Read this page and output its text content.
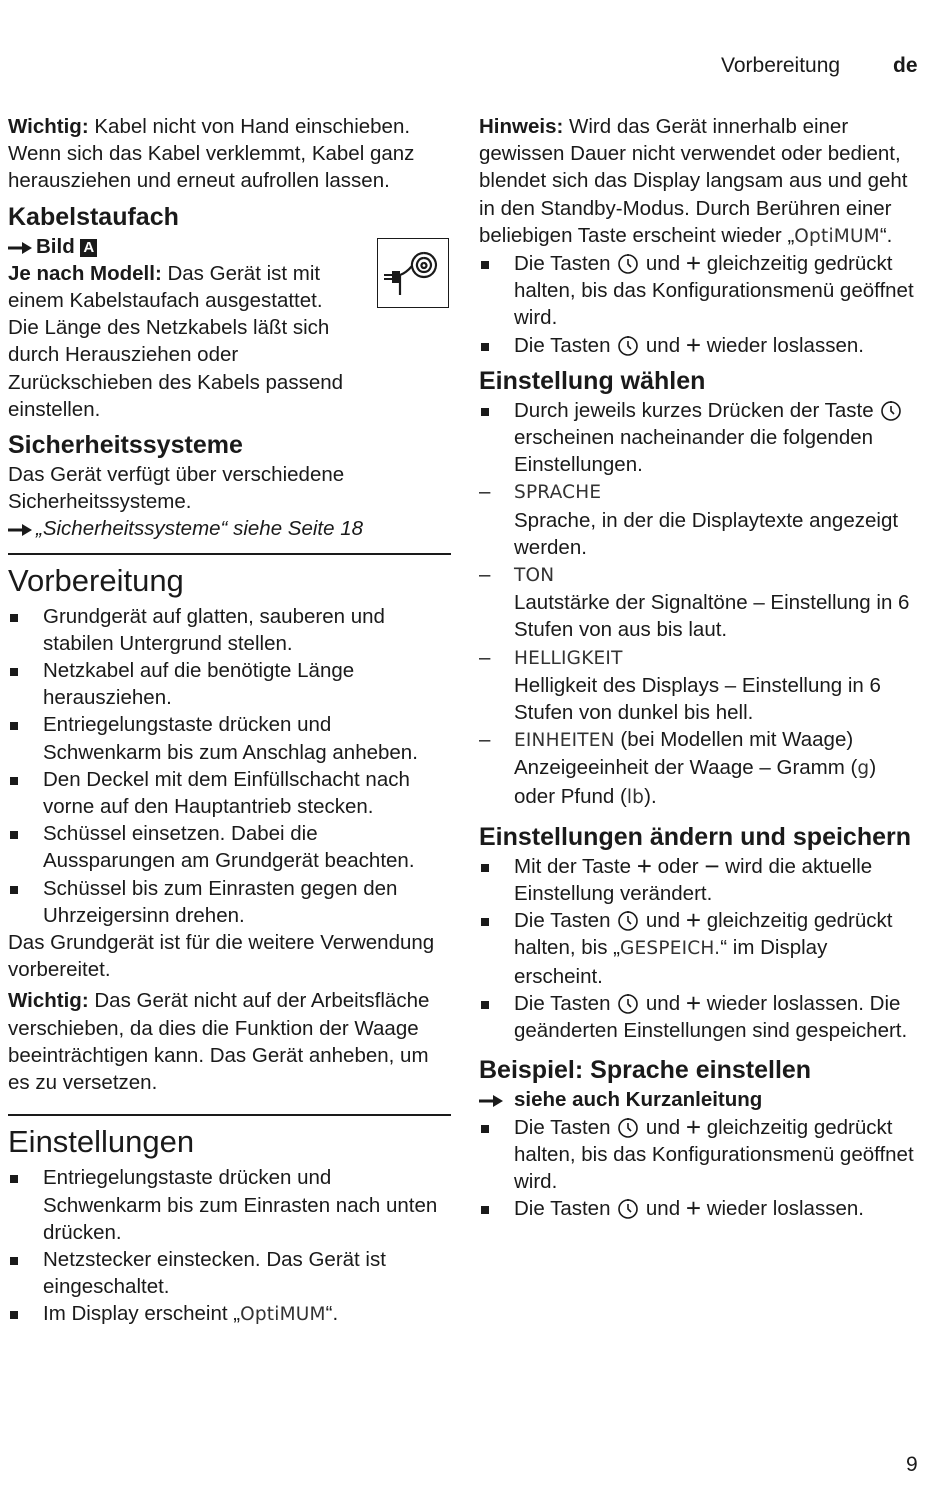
Vorbereitung	de

Wichtig: Kabel nicht von Hand einschieben. Wenn sich das Kabel verklemmt, Kabel ganz herausziehen und erneut aufrollen lassen.

Kabelstaufach

Bild A

Je nach Modell: Das Gerät ist mit einem Kabelstaufach ausgestattet. Die Länge des Netzkabels läßt sich durch Herausziehen oder Zurückschieben des Kabels passend einstellen.

Sicherheitssysteme

Das Gerät verfügt über verschiedene Sicherheitssysteme.

„Sicherheitssysteme“ siehe Seite 18

Vorbereitung
Grundgerät auf glatten, sauberen und stabilen Untergrund stellen.
Netzkabel auf die benötigte Länge herausziehen.
Entriegelungstaste drücken und Schwenkarm bis zum Anschlag anheben.
Den Deckel mit dem Einfüllschacht nach vorne auf den Hauptantrieb stecken.
Schüssel einsetzen. Dabei die Aussparungen am Grundgerät beachten.
Schüssel bis zum Einrasten gegen den Uhrzeigersinn drehen.

Das Grundgerät ist für die weitere Verwendung vorbereitet.

Wichtig: Das Gerät nicht auf der Arbeitsfläche verschieben, da dies die Funktion der Waage beeinträchtigen kann. Das Gerät anheben, um es zu versetzen.

Einstellungen
Entriegelungstaste drücken und Schwenkarm bis zum Einrasten nach unten drücken.
Netzstecker einstecken. Das Gerät ist eingeschaltet.
Im Display erscheint „OptiMUM“.

Hinweis: Wird das Gerät innerhalb einer gewissen Dauer nicht verwendet oder bedient, blendet sich das Display langsam aus und geht in den Standby-Modus. Durch Berühren einer beliebigen Taste erscheint wieder „OptiMUM“.

Die Tasten und + gleichzeitig gedrückt halten, bis das Konfigurationsmenü geöffnet wird.
Die Tasten und + wieder loslassen.
Einstellung wählen
Durch jeweils kurzes Drücken der Taste  erscheinen nacheinander die folgenden Einstellungen.
– SPRACHE
Sprache, in der die Displaytexte angezeigt werden.
– TON
Lautstärke der Signaltöne – Einstellung in 6 Stufen von aus bis laut.
– HELLIGKEIT
Helligkeit des Displays – Einstellung in 6 Stufen von dunkel bis hell.
– EINHEITEN (bei Modellen mit Waage)
Anzeigeeinheit der Waage – Gramm (g) oder Pfund (lb).
Einstellungen ändern und speichern
Mit der Taste + oder − wird die aktuelle Einstellung verändert.
Die Tasten und + gleichzeitig gedrückt halten, bis „GESPEICH.“ im Display erscheint.
Die Tasten und + wieder loslassen. Die geänderten Einstellungen sind gespeichert.
Beispiel: Sprache einstellen

siehe auch Kurzanleitung

Die Tasten und + gleichzeitig gedrückt halten, bis das Konfigurationsmenü geöffnet wird.
Die Tasten und + wieder loslassen.
9
